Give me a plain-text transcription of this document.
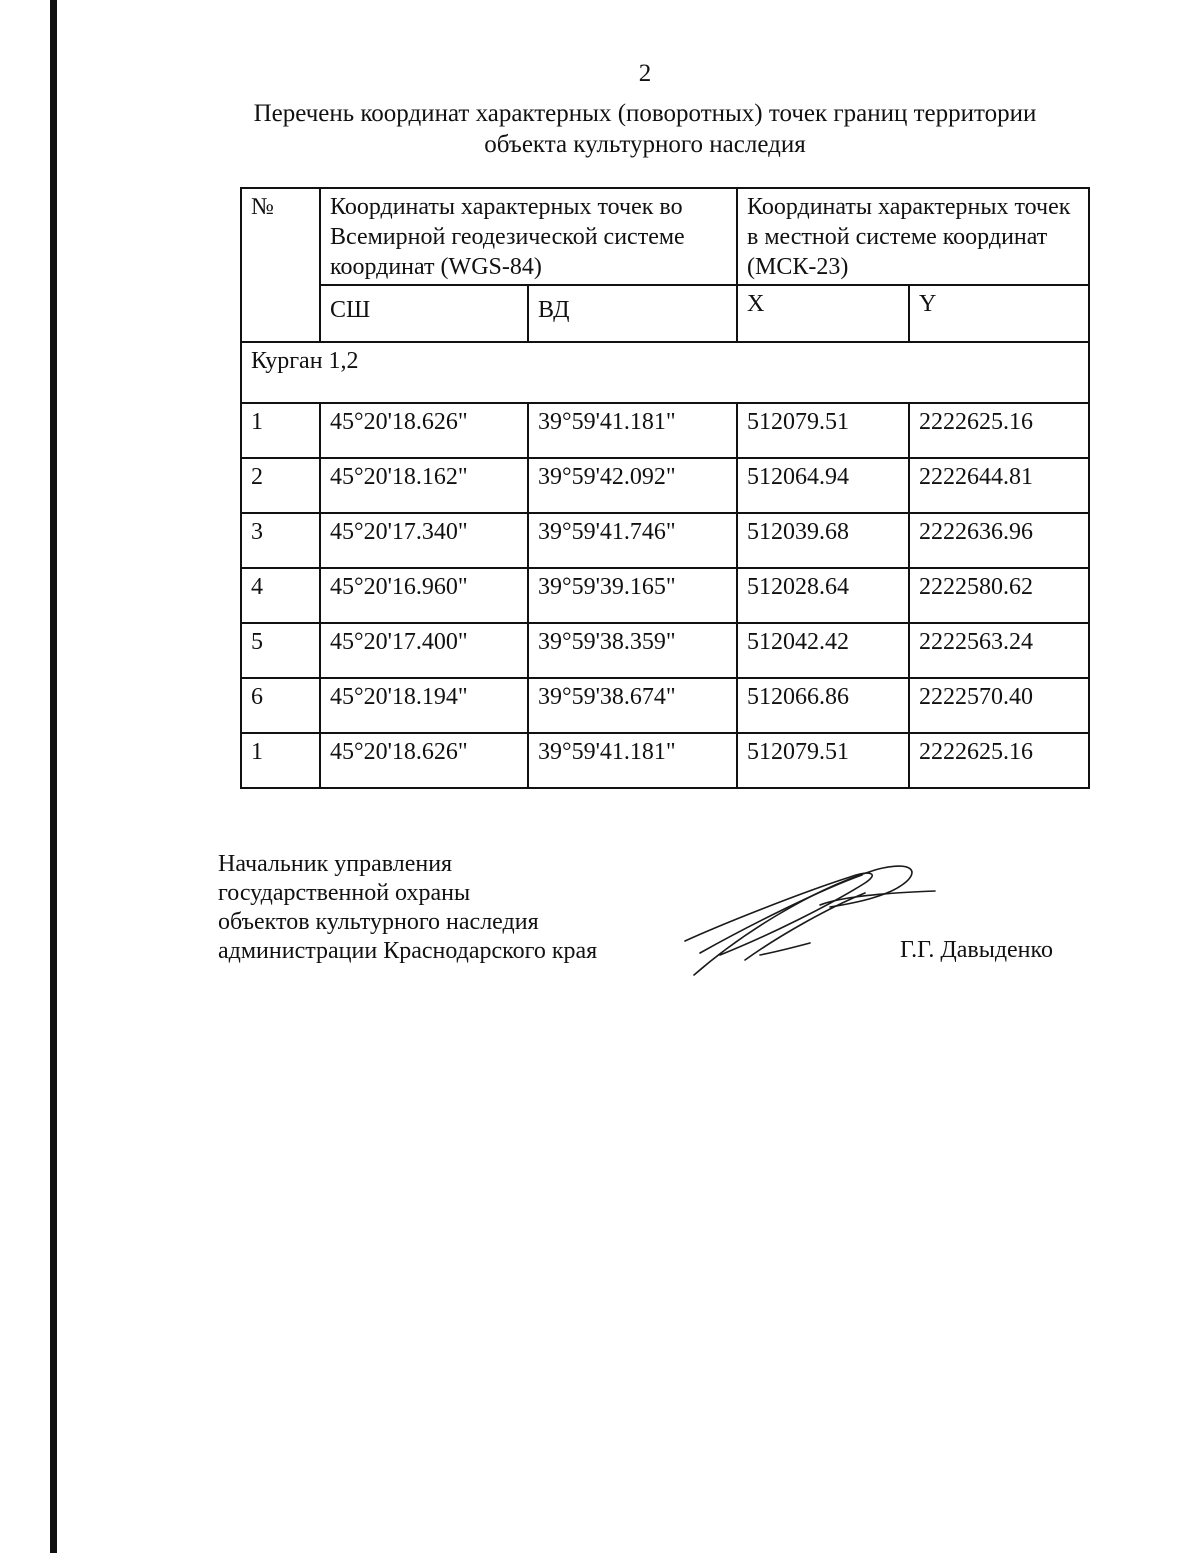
2
Перечень координат характерных (поворотных) точек границ территории
объекта культурного наследия
№	Координаты характерных точек во Всемирной геодезической системе координат (WGS-84)		Координаты характерных точек в местной системе координат (МСК-23)	
	СШ	ВД	X	Y
Курган 1,2				
1	45°20'18.626"	39°59'41.181"	512079.51	2222625.16
2	45°20'18.162"	39°59'42.092"	512064.94	2222644.81
3	45°20'17.340"	39°59'41.746"	512039.68	2222636.96
4	45°20'16.960"	39°59'39.165"	512028.64	2222580.62
5	45°20'17.400"	39°59'38.359"	512042.42	2222563.24
6	45°20'18.194"	39°59'38.674"	512066.86	2222570.40
1	45°20'18.626"	39°59'41.181"	512079.51	2222625.16
Начальник управления
государственной охраны
объектов культурного наследия
администрации Краснодарского края	Г.Г. Давыденко
